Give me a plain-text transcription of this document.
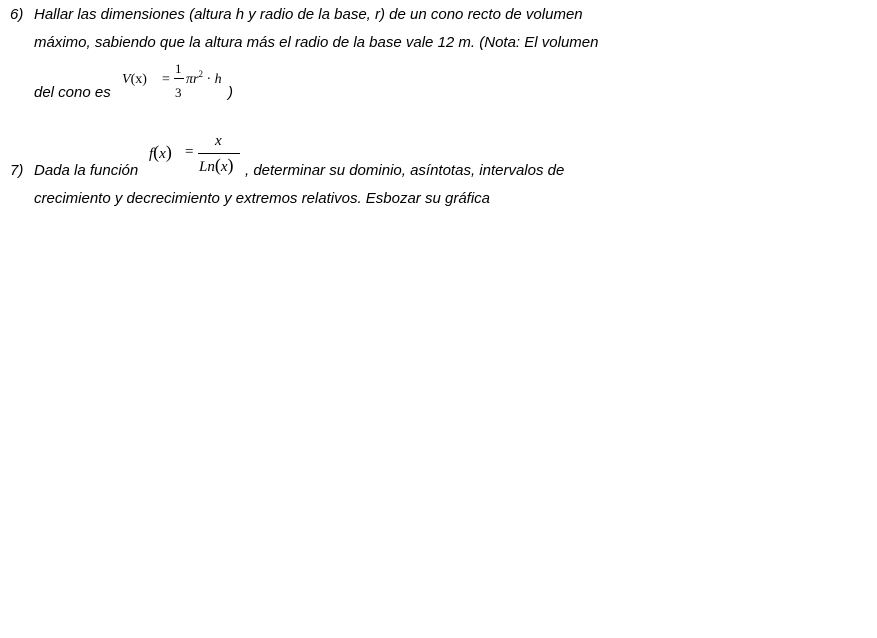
6) Hallar las dimensiones (altura h y radio de la base, r) de un cono recto de volumen
máximo, sabiendo que la altura más el radio de la base vale 12 m. (Nota: El volumen
del cono es
V(x) =
1
3
$\pi r^2 \cdot h$
)
7) Dada la función
f(x) =
x
Ln(x) , determinar su dominio, asíntotas, intervalos de
crecimiento y decrecimiento y extremos relativos. Esbozar su gráfica
